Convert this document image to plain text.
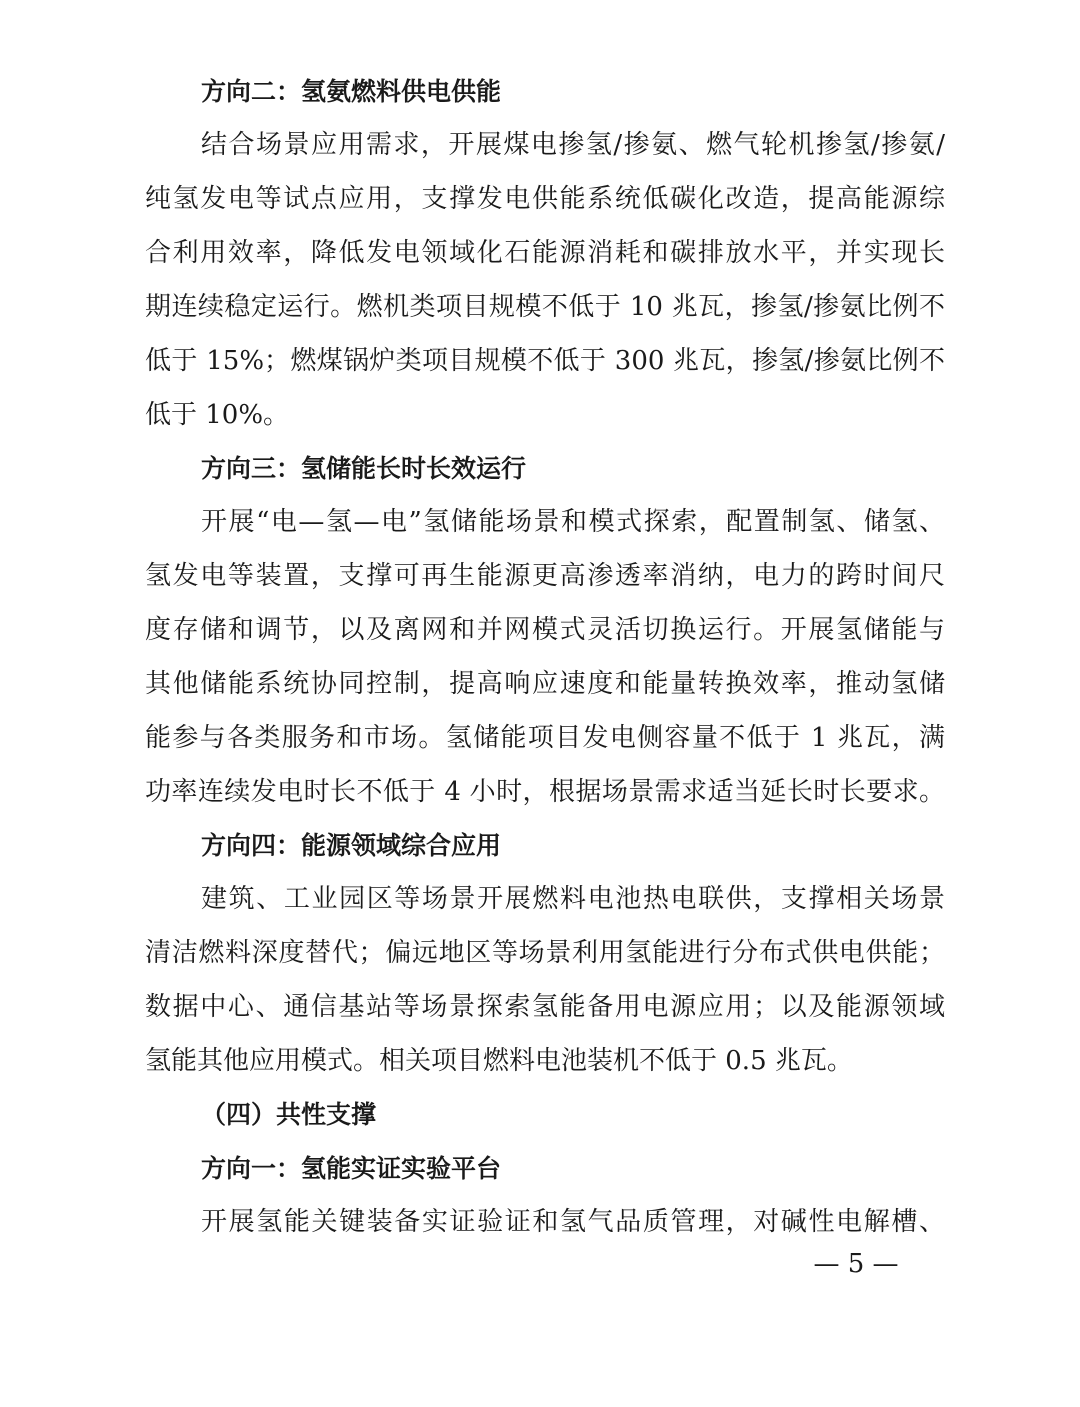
方向二：氢氨燃料供电供能
结合场景应用需求，开展煤电掺氢/掺氨、燃气轮机掺氢/掺氨/
纯氢发电等试点应用，支撑发电供能系统低碳化改造，提高能源综
合利用效率，降低发电领域化石能源消耗和碳排放水平，并实现长
期连续稳定运行。燃机类项目规模不低于 10 兆瓦，掺氢/掺氨比例不
低于 15%；燃煤锅炉类项目规模不低于 300 兆瓦，掺氢/掺氨比例不
低于 10%。
方向三：氢储能长时长效运行
开展“电—氢—电”氢储能场景和模式探索，配置制氢、储氢、
氢发电等装置，支撑可再生能源更高渗透率消纳，电力的跨时间尺
度存储和调节，以及离网和并网模式灵活切换运行。开展氢储能与
其他储能系统协同控制，提高响应速度和能量转换效率，推动氢储
能参与各类服务和市场。氢储能项目发电侧容量不低于 1 兆瓦，满
功率连续发电时长不低于 4 小时，根据场景需求适当延长时长要求。
方向四：能源领域综合应用
建筑、工业园区等场景开展燃料电池热电联供，支撑相关场景
清洁燃料深度替代；偏远地区等场景利用氢能进行分布式供电供能；
数据中心、通信基站等场景探索氢能备用电源应用；以及能源领域
氢能其他应用模式。相关项目燃料电池装机不低于 0.5 兆瓦。
（四）共性支撑
方向一：氢能实证实验平台
开展氢能关键装备实证验证和氢气品质管理，对碱性电解槽、
— 5 —
